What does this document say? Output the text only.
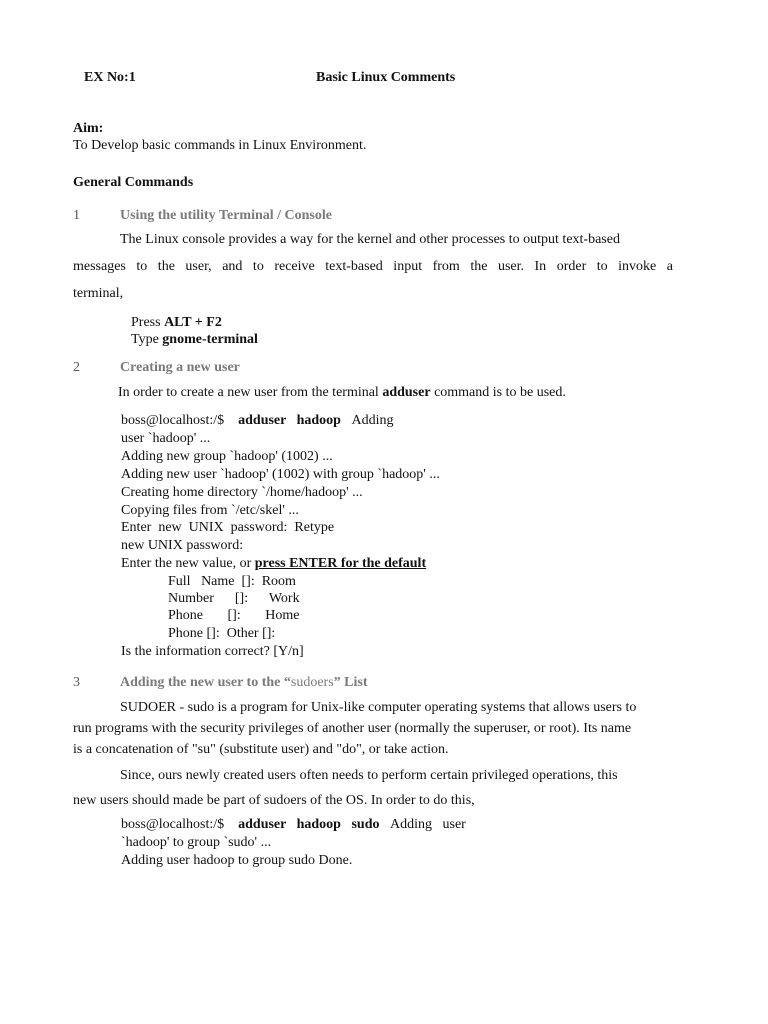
EX No:1	Basic Linux Comments
Aim:
To Develop basic commands in Linux Environment.
General Commands
1	Using the utility Terminal / Console
The Linux console provides a way for the kernel and other processes to output text-based
messages to the user, and to receive text-based input from the user. In order to invoke a
terminal,
Press ALT + F2
Type gnome-terminal
2	Creating a new user
In order to create a new user from the terminal adduser command is to be used.
boss@localhost:/$ adduser   hadoop Adding
user `hadoop' ...
Adding new group `hadoop' (1002) ...
Adding new user `hadoop' (1002) with group `hadoop' ...
Creating home directory `/home/hadoop' ...
Copying files from `/etc/skel' ...
Enter  new  UNIX  password:  Retype
new UNIX password:
Enter the new value, or press ENTER for the default
Full   Name  []:  Room
Number      []:      Work
Phone       []:       Home
Phone []:  Other []:
Is the information correct? [Y/n]
3	Adding the new user to the “sudoers” List
SUDOER - sudo is a program for Unix-like computer operating systems that allows users to
run programs with the security privileges of another user (normally the superuser, or root). Its name
is a concatenation of "su" (substitute user) and "do", or take action.
Since, ours newly created users often needs to perform certain privileged operations, this
new users should made be part of sudoers of the OS. In order to do this,
boss@localhost:/$ adduser   hadoop   sudo Adding   user
`hadoop' to group `sudo' ...
Adding user hadoop to group sudo Done.
